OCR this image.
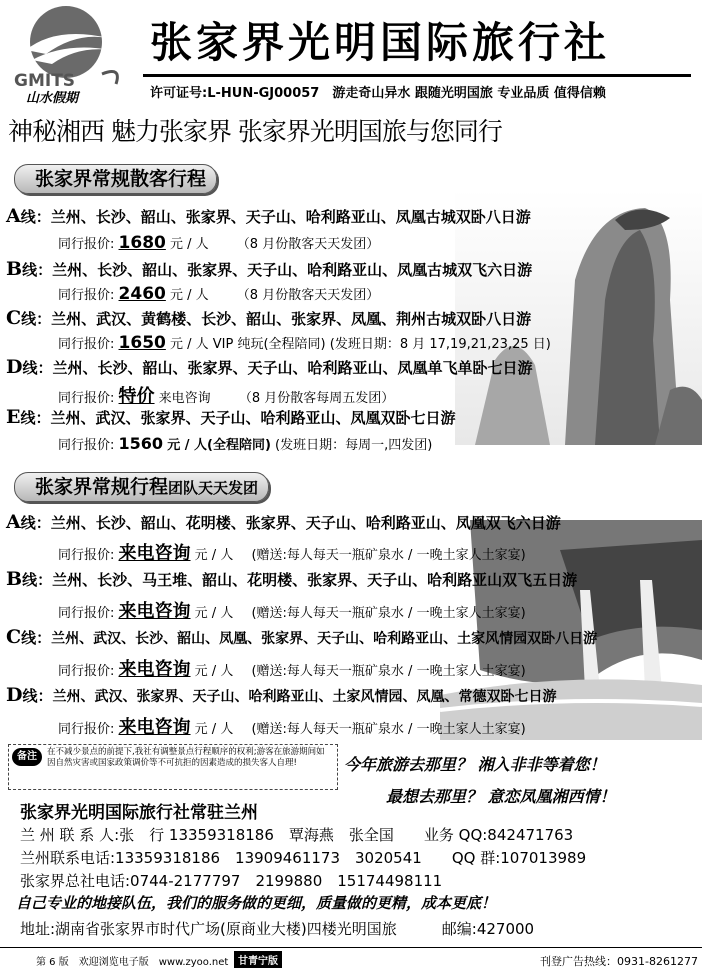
GMITS
山水假期
张家界光明国际旅行社
许可证号:L-HUN-GJ00057　游走奇山异水 跟随光明国旅 专业品质 值得信赖
神秘湘西 魅力张家界 张家界光明国旅与您同行
张家界常规散客行程
A线：兰州、长沙、韶山、张家界、天子山、哈利路亚山、凤凰古城双卧八日游
同行报价: 1680 元 / 人 （8 月份散客天天发团）
B线：兰州、长沙、韶山、张家界、天子山、哈利路亚山、凤凰古城双飞六日游
同行报价: 2460 元 / 人 （8 月份散客天天发团）
C线：兰州、武汉、黄鹤楼、长沙、韶山、张家界、凤凰、荆州古城双卧八日游
同行报价: 1650 元 / 人 VIP 纯玩(全程陪同) (发班日期：8 月 17,19,21,23,25 日)
D线：兰州、长沙、韶山、张家界、天子山、哈利路亚山、凤凰单飞单卧七日游
同行报价: 特价 来电咨询 （8 月份散客每周五发团）
E线：兰州、武汉、张家界、天子山、哈利路亚山、凤凰双卧七日游
同行报价: 1560 元 / 人(全程陪同) (发班日期：每周一,四发团)
张家界常规行程团队天天发团
A线：兰州、长沙、韶山、花明楼、张家界、天子山、哈利路亚山、凤凰双飞六日游
同行报价: 来电咨询 元 / 人 (赠送:每人每天一瓶矿泉水 / 一晚土家人土家宴)
B线：兰州、长沙、马王堆、韶山、花明楼、张家界、天子山、哈利路亚山双飞五日游
同行报价: 来电咨询 元 / 人 (赠送:每人每天一瓶矿泉水 / 一晚土家人土家宴)
C线：兰州、武汉、长沙、韶山、凤凰、张家界、天子山、哈利路亚山、土家风情园双卧八日游
同行报价: 来电咨询 元 / 人 (赠送:每人每天一瓶矿泉水 / 一晚土家人土家宴)
D线：兰州、武汉、张家界、天子山、哈利路亚山、土家风情园、凤凰、常德双卧七日游
同行报价: 来电咨询 元 / 人 (赠送:每人每天一瓶矿泉水 / 一晚土家人土家宴)
在不减少景点的前提下,我社有调整景点行程顺序的权利;游客在旅游期间如因自然灾害或国家政策调价等不可抗拒的因素造成的损失客人自理!
备注	今年旅游去那里？ 湘入非非等着您！
最想去那里？ 意恋凤凰湘西情！
张家界光明国际旅行社常驻兰州
兰 州 联 系 人:张　行 13359318186　覃海燕　张全国　　业务 QQ:842471763
兰州联系电话:13359318186　13909461173　3020541　　QQ 群:107013989
张家界总社电话:0744-2177797　2199880　15174498111
自己专业的地接队伍，我们的服务做的更细，质量做的更精，成本更底！
地址:湖南省张家界市时代广场(原商业大楼)四楼光明国旅　　　邮编:427000
第 6 版　欢迎浏览电子版　www.zyoo.net 甘青宁版	刊登广告热线：0931-8261277
